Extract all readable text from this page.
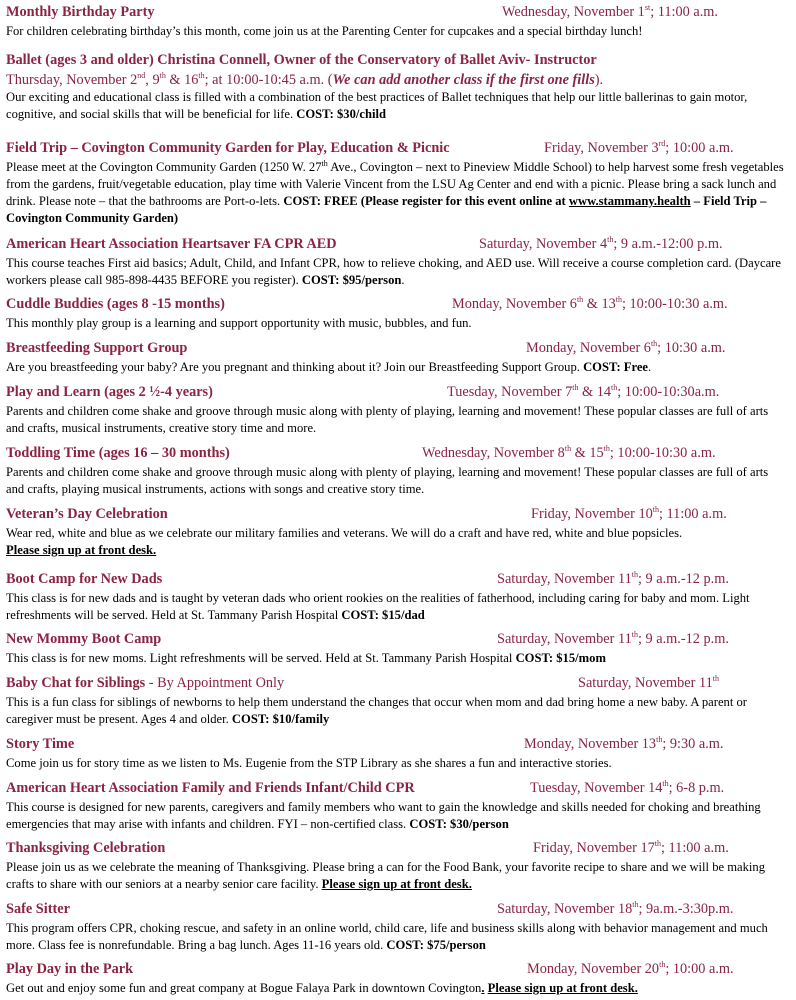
Monthly Birthday Party	Wednesday, November 1st; 11:00 a.m.

For children celebrating birthday’s this month, come join us at the Parenting Center for cupcakes and a special birthday lunch!

Ballet (ages 3 and older) Christina Connell, Owner of the Conservatory of Ballet Aviv- Instructor
Thursday, November 2nd, 9th & 16th; at 10:00-10:45 a.m. (We can add another class if the first one fills).

Our exciting and educational class is filled with a combination of the best practices of Ballet techniques that help our little ballerinas to gain motor, cognitive, and social skills that will be beneficial for life. COST: $30/child

Field Trip – Covington Community Garden for Play, Education & Picnic	Friday, November 3rd; 10:00 a.m.

Please meet at the Covington Community Garden (1250 W. 27th Ave., Covington – next to Pineview Middle School) to help harvest some fresh vegetables from the gardens, fruit/vegetable education, play time with Valerie Vincent from the LSU Ag Center and end with a picnic. Please bring a sack lunch and drink. Please note – that the bathrooms are Port-o-lets. COST: FREE (Please register for this event online at www.stammany.health – Field Trip – Covington Community Garden)

American Heart Association Heartsaver FA CPR AED	Saturday, November 4th; 9 a.m.-12:00 p.m.

This course teaches First aid basics; Adult, Child, and Infant CPR, how to relieve choking, and AED use. Will receive a course completion card. (Daycare workers please call 985-898-4435 BEFORE you register). COST: $95/person.

Cuddle Buddies (ages 8 -15 months)	Monday, November 6th & 13th; 10:00-10:30 a.m.

This monthly play group is a learning and support opportunity with music, bubbles, and fun.

Breastfeeding Support Group	Monday, November 6th; 10:30 a.m.

Are you breastfeeding your baby? Are you pregnant and thinking about it? Join our Breastfeeding Support Group. COST: Free.

Play and Learn (ages 2 ½-4 years)	Tuesday, November 7th & 14th; 10:00-10:30a.m.

Parents and children come shake and groove through music along with plenty of playing, learning and movement! These popular classes are full of arts and crafts, musical instruments, creative story time and more.

Toddling Time (ages 16 – 30 months)	Wednesday, November 8th & 15th; 10:00-10:30 a.m.

Parents and children come shake and groove through music along with plenty of playing, learning and movement! These popular classes are full of arts and crafts, playing musical instruments, actions with songs and creative story time.

Veteran’s Day Celebration	Friday, November 10th; 11:00 a.m.

Wear red, white and blue as we celebrate our military families and veterans. We will do a craft and have red, white and blue popsicles.
Please sign up at front desk.

Boot Camp for New Dads	Saturday, November 11th; 9 a.m.-12 p.m.

This class is for new dads and is taught by veteran dads who orient rookies on the realities of fatherhood, including caring for baby and mom. Light refreshments will be served. Held at St. Tammany Parish Hospital COST: $15/dad

New Mommy Boot Camp	Saturday, November 11th; 9 a.m.-12 p.m.

This class is for new moms. Light refreshments will be served. Held at St. Tammany Parish Hospital COST: $15/mom

Baby Chat for Siblings - By Appointment Only	Saturday, November 11th

This is a fun class for siblings of newborns to help them understand the changes that occur when mom and dad bring home a new baby. A parent or caregiver must be present. Ages 4 and older. COST: $10/family

Story Time	Monday, November 13th; 9:30 a.m.

Come join us for story time as we listen to Ms. Eugenie from the STP Library as she shares a fun and interactive stories.

American Heart Association Family and Friends Infant/Child CPR	Tuesday, November 14th; 6-8 p.m.

This course is designed for new parents, caregivers and family members who want to gain the knowledge and skills needed for choking and breathing emergencies that may arise with infants and children. FYI – non-certified class. COST: $30/person

Thanksgiving Celebration	Friday, November 17th; 11:00 a.m.

Please join us as we celebrate the meaning of Thanksgiving. Please bring a can for the Food Bank, your favorite recipe to share and we will be making crafts to share with our seniors at a nearby senior care facility. Please sign up at front desk.

Safe Sitter	Saturday, November 18th; 9a.m.-3:30p.m.

This program offers CPR, choking rescue, and safety in an online world, child care, life and business skills along with behavior management and much more. Class fee is nonrefundable. Bring a bag lunch. Ages 11-16 years old. COST: $75/person

Play Day in the Park	Monday, November 20th; 10:00 a.m.

Get out and enjoy some fun and great company at Bogue Falaya Park in downtown Covington. Please sign up at front desk.
